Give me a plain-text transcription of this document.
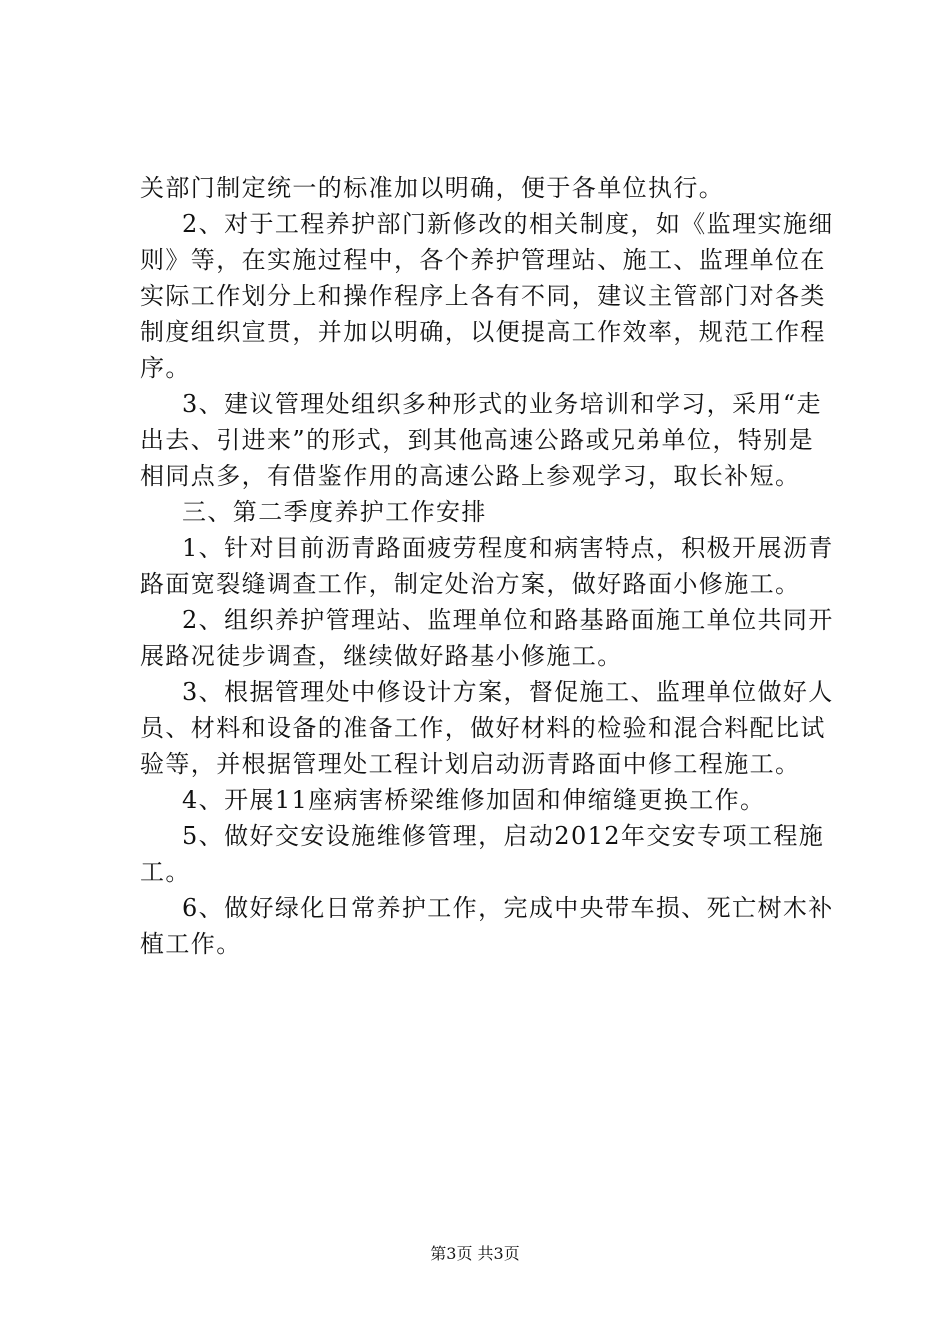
关部门制定统一的标准加以明确，便于各单位执行。
2、对于工程养护部门新修改的相关制度，如《监理实施细
则》等，在实施过程中，各个养护管理站、施工、监理单位在
实际工作划分上和操作程序上各有不同，建议主管部门对各类
制度组织宣贯，并加以明确，以便提高工作效率，规范工作程
序。
3、建议管理处组织多种形式的业务培训和学习，采用“走
出去、引进来”的形式，到其他高速公路或兄弟单位，特别是
相同点多，有借鉴作用的高速公路上参观学习，取长补短。
三、第二季度养护工作安排
1、针对目前沥青路面疲劳程度和病害特点，积极开展沥青
路面宽裂缝调查工作，制定处治方案，做好路面小修施工。
2、组织养护管理站、监理单位和路基路面施工单位共同开
展路况徒步调查，继续做好路基小修施工。
3、根据管理处中修设计方案，督促施工、监理单位做好人
员、材料和设备的准备工作，做好材料的检验和混合料配比试
验等，并根据管理处工程计划启动沥青路面中修工程施工。
4、开展11座病害桥梁维修加固和伸缩缝更换工作。
5、做好交安设施维修管理，启动2012年交安专项工程施
工。
6、做好绿化日常养护工作，完成中央带车损、死亡树木补
植工作。
第3页 共3页
